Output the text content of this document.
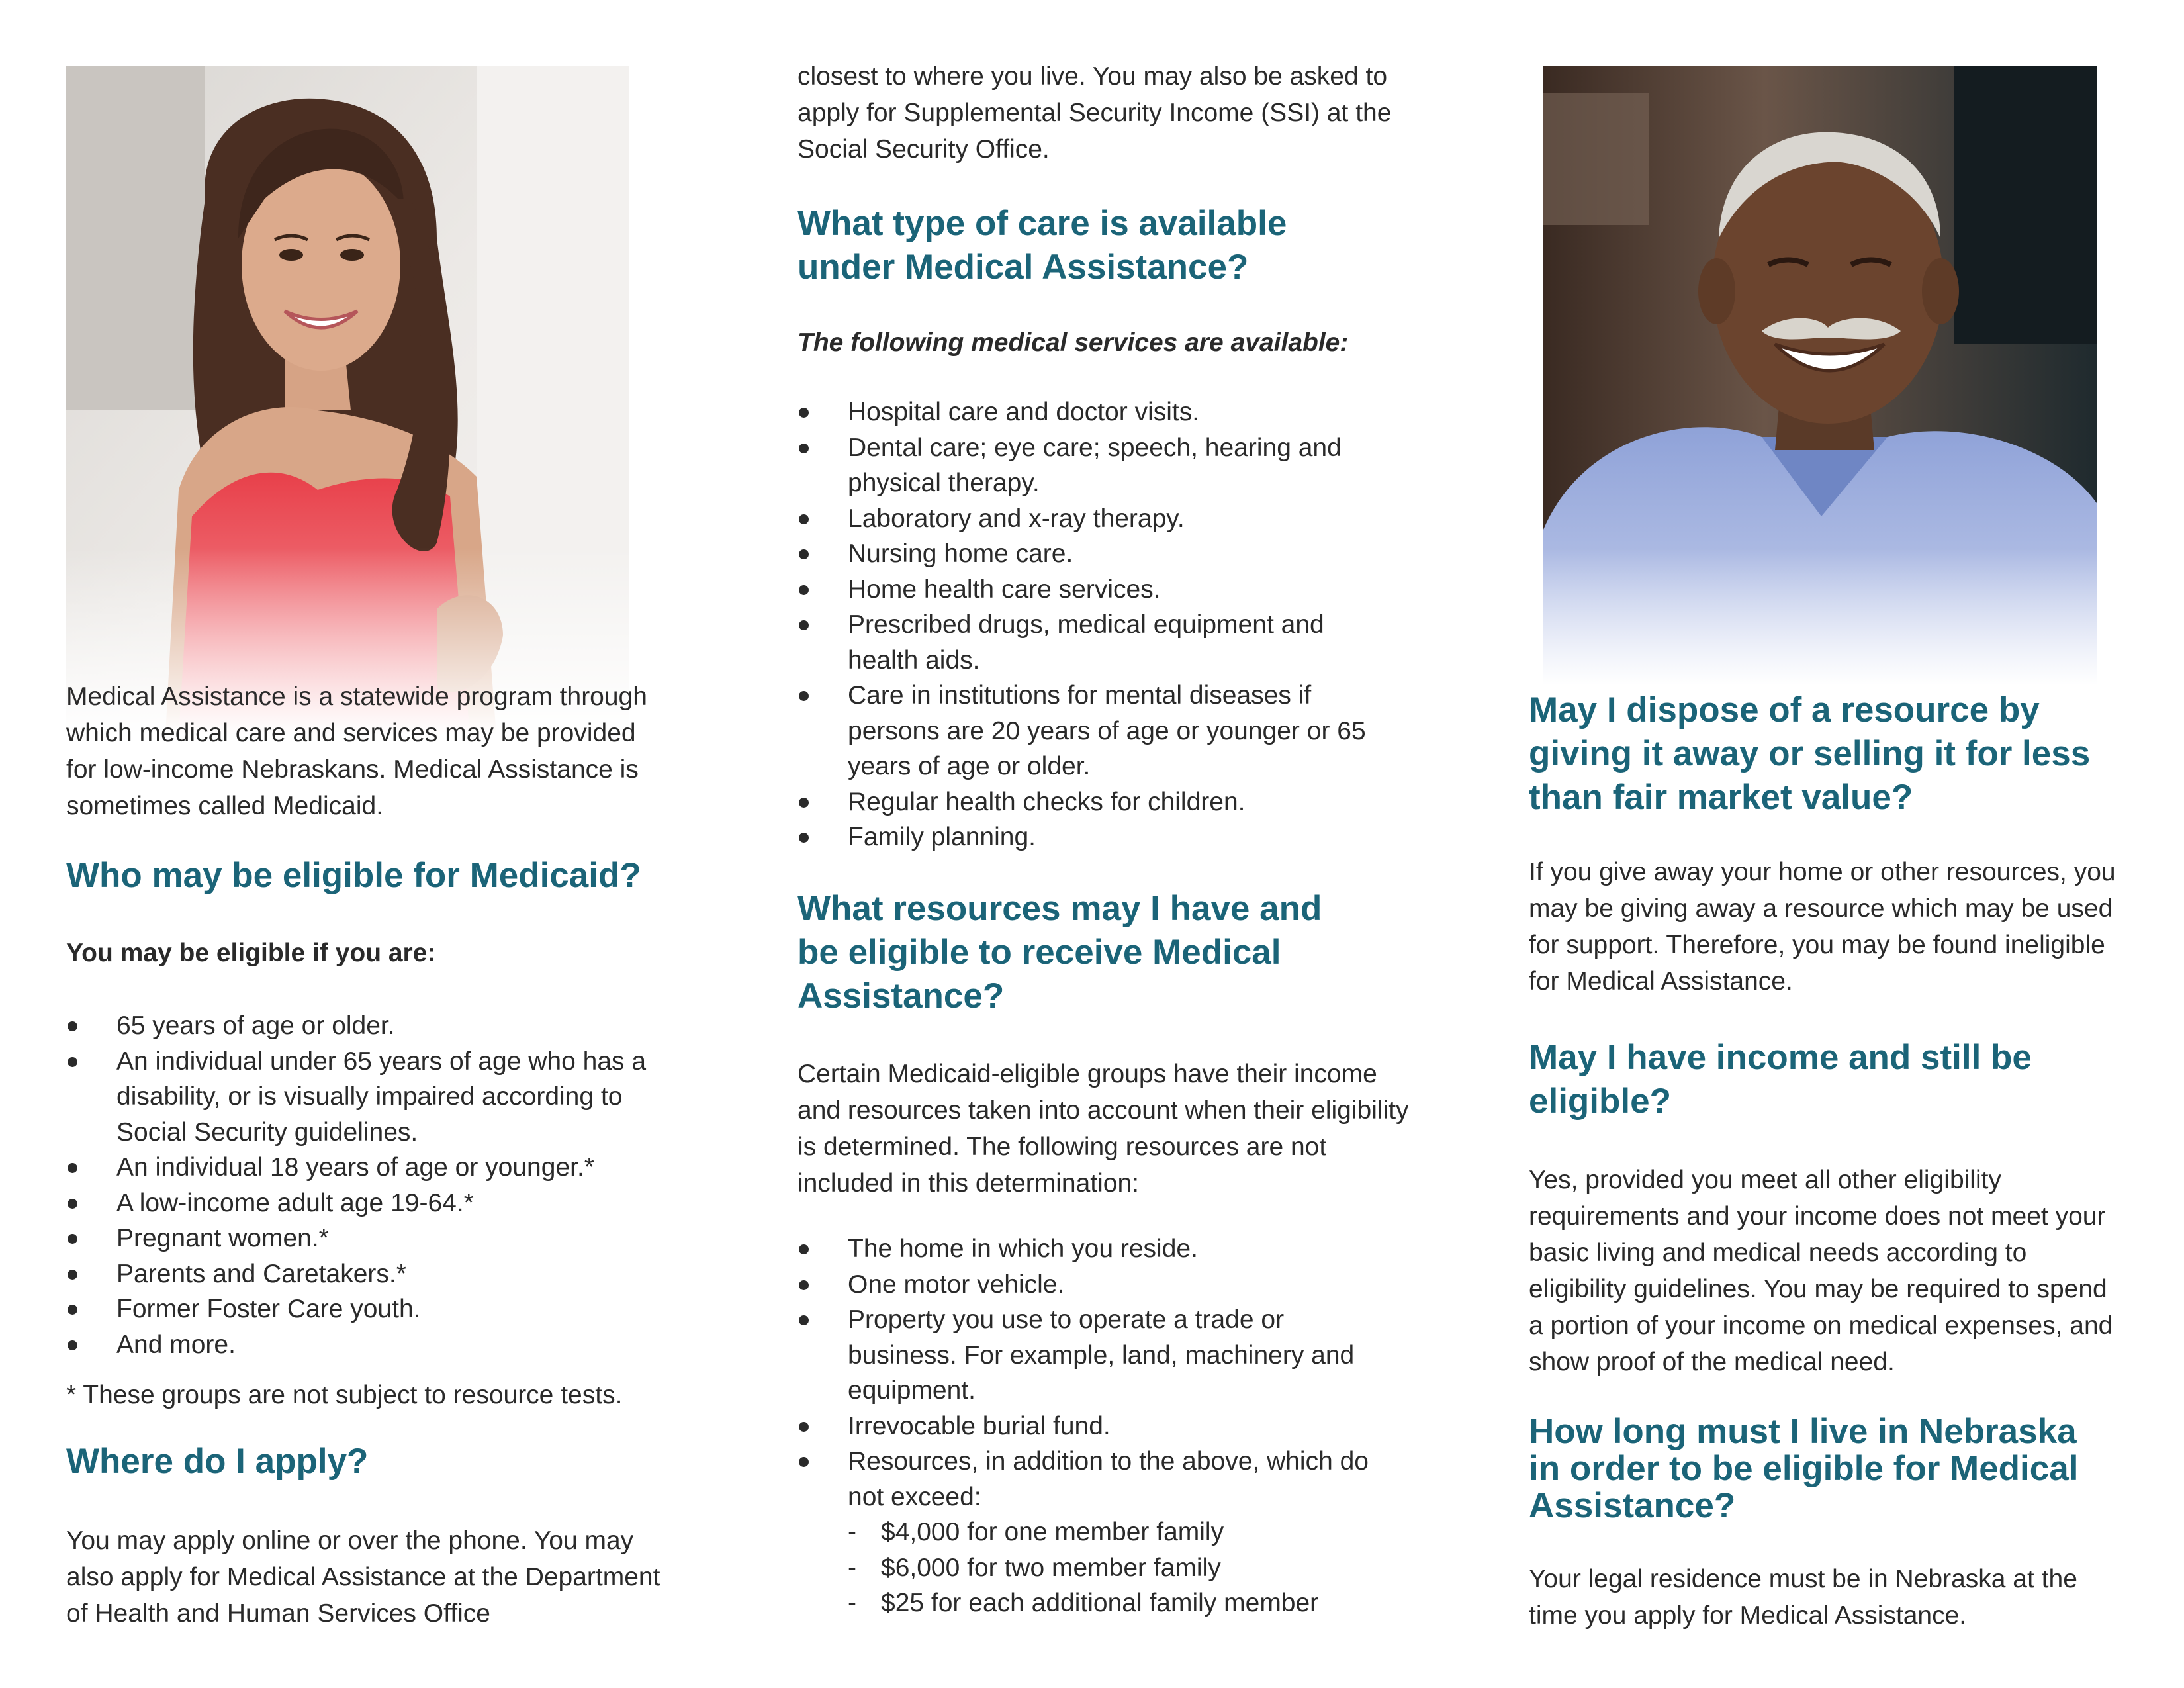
Medical Assistance is a statewide program through which medical care and services may be provided for low-income Nebraskans. Medical Assistance is sometimes called Medicaid.

Who may be eligible for Medicaid?

You may be eligible if you are:

65 years of age or older.
An individual under 65 years of age who has a disability, or is visually impaired according to Social Security guidelines.
An individual 18 years of age or younger.*
A low-income adult age 19-64.*
Pregnant women.*
Parents and Caretakers.*
Former Foster Care youth.
And more.

* These groups are not subject to resource tests.

Where do I apply?

You may apply online or over the phone. You may also apply for Medical Assistance at the Department of Health and Human Services Office

closest to where you live. You may also be asked to apply for Supplemental Security Income (SSI) at the Social Security Office.

What type of care is available under Medical Assistance?

The following medical services are available:

Hospital care and doctor visits.
Dental care; eye care; speech, hearing and physical therapy.
Laboratory and x-ray therapy.
Nursing home care.
Home health care services.
Prescribed drugs, medical equipment and health aids.
Care in institutions for mental diseases if persons are 20 years of age or younger or 65 years of age or older.
Regular health checks for children.
Family planning.
What resources may I have and be eligible to receive Medical Assistance?

Certain Medicaid-eligible groups have their income and resources taken into account when their eligibility is determined. The following resources are not included in this determination:

The home in which you reside.
One motor vehicle.
Property you use to operate a trade or business. For example, land, machinery and equipment.
Irrevocable burial fund.
Resources, in addition to the above, which do not exceed:
- $4,000 for one member family
- $6,000 for two member family
- $25 for each additional family member
May I dispose of a resource by giving it away or selling it for less than fair market value?

If you give away your home or other resources, you may be giving away a resource which may be used for support. Therefore, you may be found ineligible for Medical Assistance.

May I have income and still be eligible?

Yes, provided you meet all other eligibility requirements and your income does not meet your basic living and medical needs according to eligibility guidelines. You may be required to spend a portion of your income on medical expenses, and show proof of the medical need.

How long must I live in Nebraska in order to be eligible for Medical Assistance?

Your legal residence must be in Nebraska at the time you apply for Medical Assistance.
